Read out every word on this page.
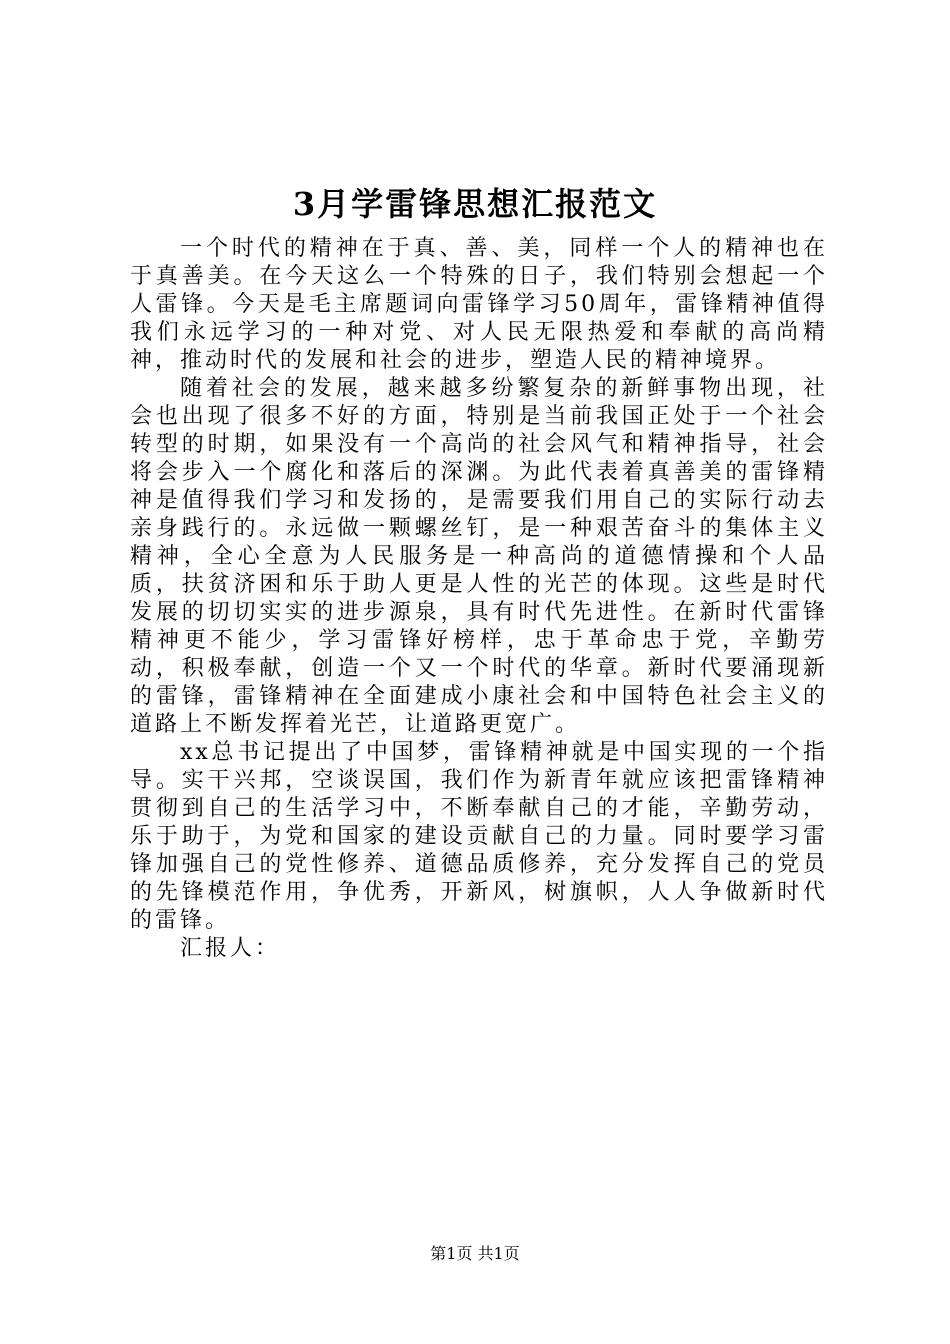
3月学雷锋思想汇报范文

一个时代的精神在于真、善、美，同样一个人的精神也在于真善美。在今天这么一个特殊的日子，我们特别会想起一个人雷锋。今天是毛主席题词向雷锋学习50周年，雷锋精神值得我们永远学习的一种对党、对人民无限热爱和奉献的高尚精神，推动时代的发展和社会的进步，塑造人民的精神境界。

随着社会的发展，越来越多纷繁复杂的新鲜事物出现，社会也出现了很多不好的方面，特别是当前我国正处于一个社会转型的时期，如果没有一个高尚的社会风气和精神指导，社会将会步入一个腐化和落后的深渊。为此代表着真善美的雷锋精神是值得我们学习和发扬的，是需要我们用自己的实际行动去亲身践行的。永远做一颗螺丝钉，是一种艰苦奋斗的集体主义精神，全心全意为人民服务是一种高尚的道德情操和个人品质，扶贫济困和乐于助人更是人性的光芒的体现。这些是时代发展的切切实实的进步源泉，具有时代先进性。在新时代雷锋精神更不能少，学习雷锋好榜样，忠于革命忠于党，辛勤劳动，积极奉献，创造一个又一个时代的华章。新时代要涌现新的雷锋，雷锋精神在全面建成小康社会和中国特色社会主义的道路上不断发挥着光芒，让道路更宽广。

xx总书记提出了中国梦，雷锋精神就是中国实现的一个指导。实干兴邦，空谈误国，我们作为新青年就应该把雷锋精神贯彻到自己的生活学习中，不断奉献自己的才能，辛勤劳动，乐于助于，为党和国家的建设贡献自己的力量。同时要学习雷锋加强自己的党性修养、道德品质修养，充分发挥自己的党员的先锋模范作用，争优秀，开新风，树旗帜，人人争做新时代的雷锋。

汇报人：

第1页 共1页
